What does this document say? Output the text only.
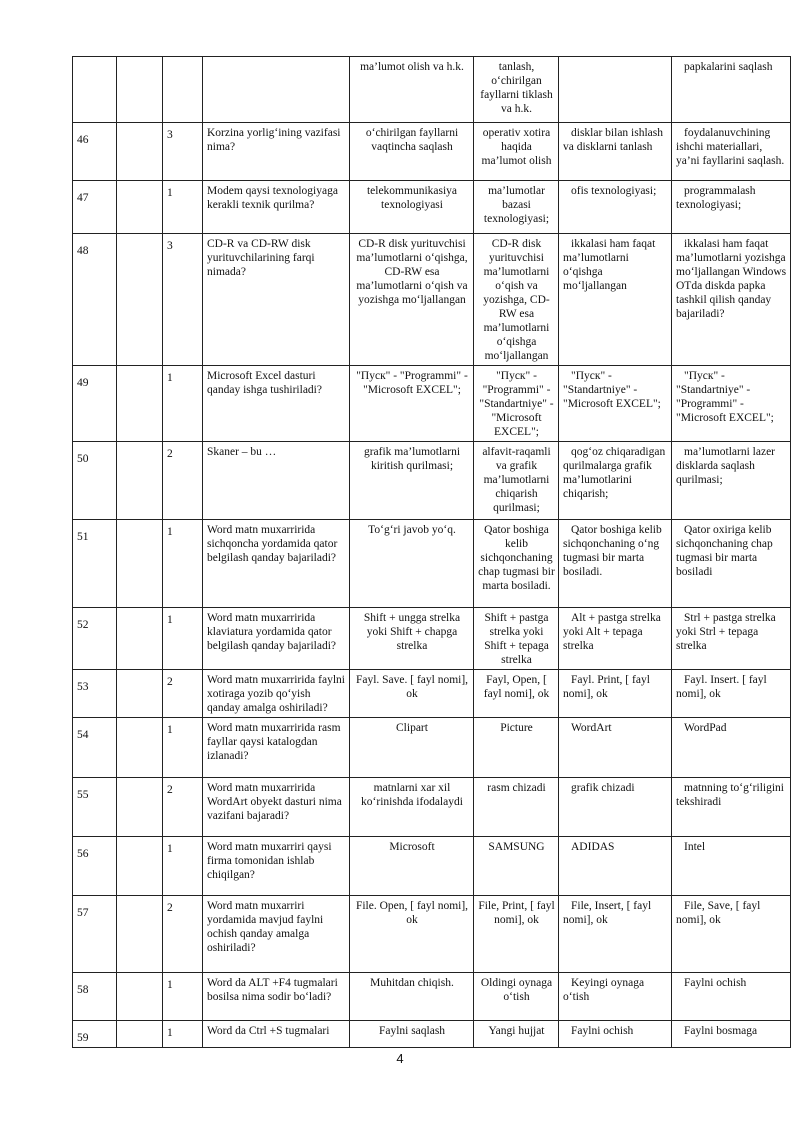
				ma’lumot olish va h.k.	tanlash, o‘chirilgan fayllarni tiklash va h.k.		papkalarini saqlash
46		3	Korzina yorlig‘ining vazifasi nima?	o‘chirilgan fayllarni vaqtincha saqlash	operativ xotira haqida ma’lumot olish	disklar bilan ishlash va disklarni tanlash	foydalanuvchining ishchi materiallari, ya’ni fayllarini saqlash.
47		1	Modem qaysi texnologiyaga kerakli texnik qurilma?	telekommunikasiya texnologiyasi	ma’lumotlar bazasi texnologiyasi;	ofis texnologiyasi;	programmalash texnologiyasi;
48		3	CD-R va CD-RW disk yurituvchilarining farqi nimada?	CD-R disk yurituvchisi ma’lumotlarni o‘qishga, CD-RW esa ma’lumotlarni o‘qish va yozishga mo‘ljallangan	CD-R disk yurituvchisi ma’lumotlarni o‘qish va yozishga, CD-RW esa ma’lumotlarni o‘qishga mo‘ljallangan	ikkalasi ham faqat ma’lumotlarni o‘qishga mo‘ljallangan	ikkalasi ham faqat ma’lumotlarni yozishga mo‘ljallangan Windows OTda diskda papka tashkil qilish qanday bajariladi?
49		1	Microsoft Excel dasturi qanday ishga tushiriladi?	"Пуск" - "Programmi" - "Microsoft EXCEL";	"Пуск" - "Programmi" - "Standartniye" - "Microsoft EXCEL";	"Пуск" - "Standartniye" - "Microsoft EXCEL";	"Пуск" - "Standartniye" - "Programmi" - "Microsoft EXCEL";
50		2	Skaner – bu …	grafik ma’lumotlarni kiritish qurilmasi;	alfavit-raqamli va grafik ma’lumotlarni chiqarish qurilmasi;	qog‘oz chiqaradigan qurilmalarga grafik ma’lumotlarini chiqarish;	ma’lumotlarni lazer disklarda saqlash qurilmasi;
51		1	Word matn muxarririda sichqoncha yordamida qator belgilash qanday bajariladi?	To‘g‘ri javob yo‘q.	Qator boshiga kelib sichqonchaning chap tugmasi bir marta bosiladi.	Qator boshiga kelib sichqonchaning o‘ng tugmasi bir marta bosiladi.	Qator oxiriga kelib sichqonchaning chap tugmasi bir marta bosiladi
52		1	Word matn muxarririda klaviatura yordamida qator belgilash qanday bajariladi?	Shift + ungga strelka yoki Shift + chapga strelka	Shift + pastga strelka yoki Shift + tepaga strelka	Alt + pastga strelka yoki Alt + tepaga strelka	Strl + pastga strelka yoki Strl + tepaga strelka
53		2	Word matn muxarririda faylni xotiraga yozib qo‘yish qanday amalga oshiriladi?	Fayl. Save. [ fayl nomi], ok	Fayl, Open, [ fayl nomi], ok	Fayl. Print, [ fayl nomi], ok	Fayl. Insert. [ fayl nomi], ok
54		1	Word matn muxarririda rasm fayllar qaysi katalogdan izlanadi?	Clipart	Picture	WordArt	WordPad
55		2	Word matn muxarririda WordArt obyekt dasturi nima vazifani bajaradi?	matnlarni xar xil ko‘rinishda ifodalaydi	rasm chizadi	grafik chizadi	matnning to‘g‘riligini tekshiradi
56		1	Word matn muxarriri qaysi firma tomonidan ishlab chiqilgan?	Microsoft	SAMSUNG	ADIDAS	Intel
57		2	Word matn muxarriri yordamida mavjud faylni ochish qanday amalga oshiriladi?	File. Open, [ fayl nomi], ok	File, Print, [ fayl nomi], ok	File, Insert, [ fayl nomi], ok	File, Save, [ fayl nomi], ok
58		1	Word da ALT +F4 tugmalari bosilsa nima sodir bo‘ladi?	Muhitdan chiqish.	Oldingi oynaga o‘tish	Keyingi oynaga o‘tish	Faylni ochish
59		1	Word da Ctrl +S tugmalari	Faylni saqlash	Yangi hujjat	Faylni ochish	Faylni bosmaga
4
